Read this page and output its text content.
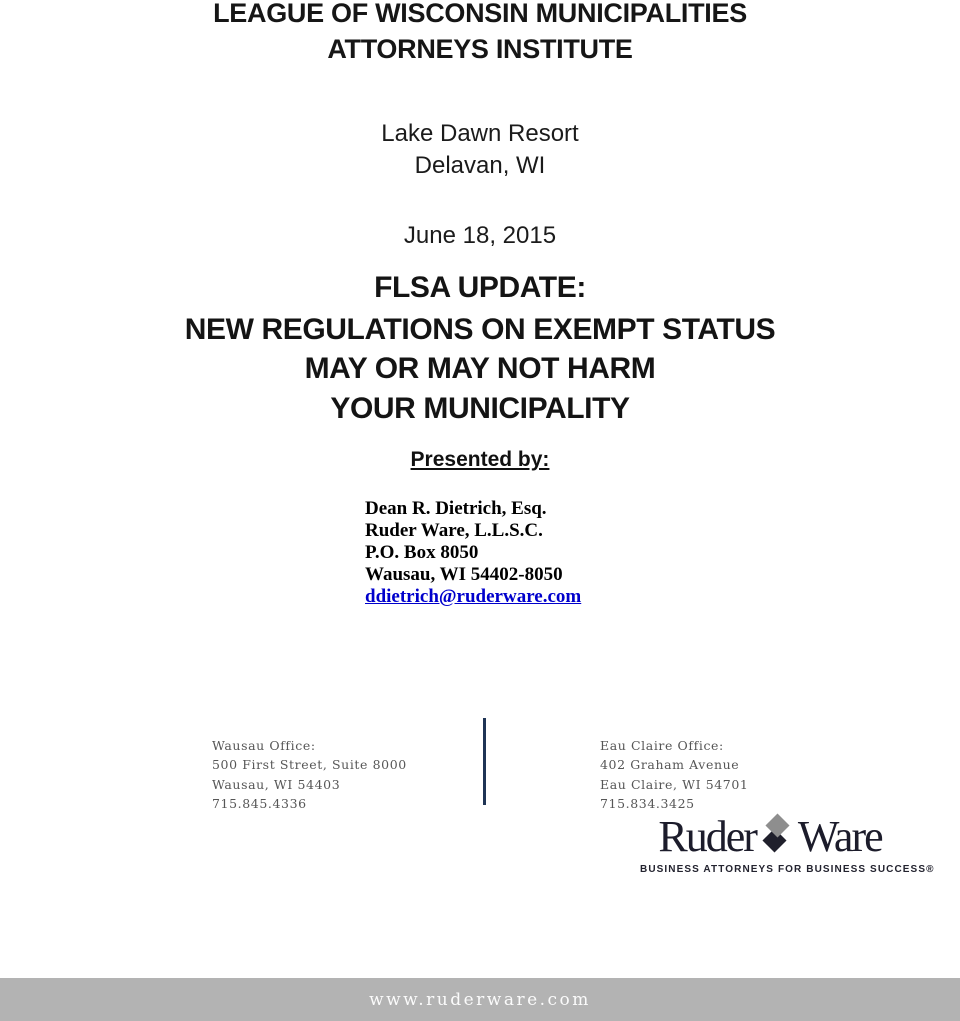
LEAGUE OF WISCONSIN MUNICIPALITIES
ATTORNEYS INSTITUTE
Lake Dawn Resort
Delavan, WI
June 18, 2015
FLSA UPDATE:
NEW REGULATIONS ON EXEMPT STATUS
MAY OR MAY NOT HARM
YOUR MUNICIPALITY
Presented by:
Dean R. Dietrich, Esq.
Ruder Ware, L.L.S.C.
P.O. Box 8050
Wausau, WI 54402-8050
ddietrich@ruderware.com
Wausau Office:
500 First Street, Suite 8000
Wausau, WI 54403
715.845.4336
Eau Claire Office:
402 Graham Avenue
Eau Claire, WI 54701
715.834.3425
Ruder Ware
BUSINESS ATTORNEYS FOR BUSINESS SUCCESS®
www.ruderware.com
